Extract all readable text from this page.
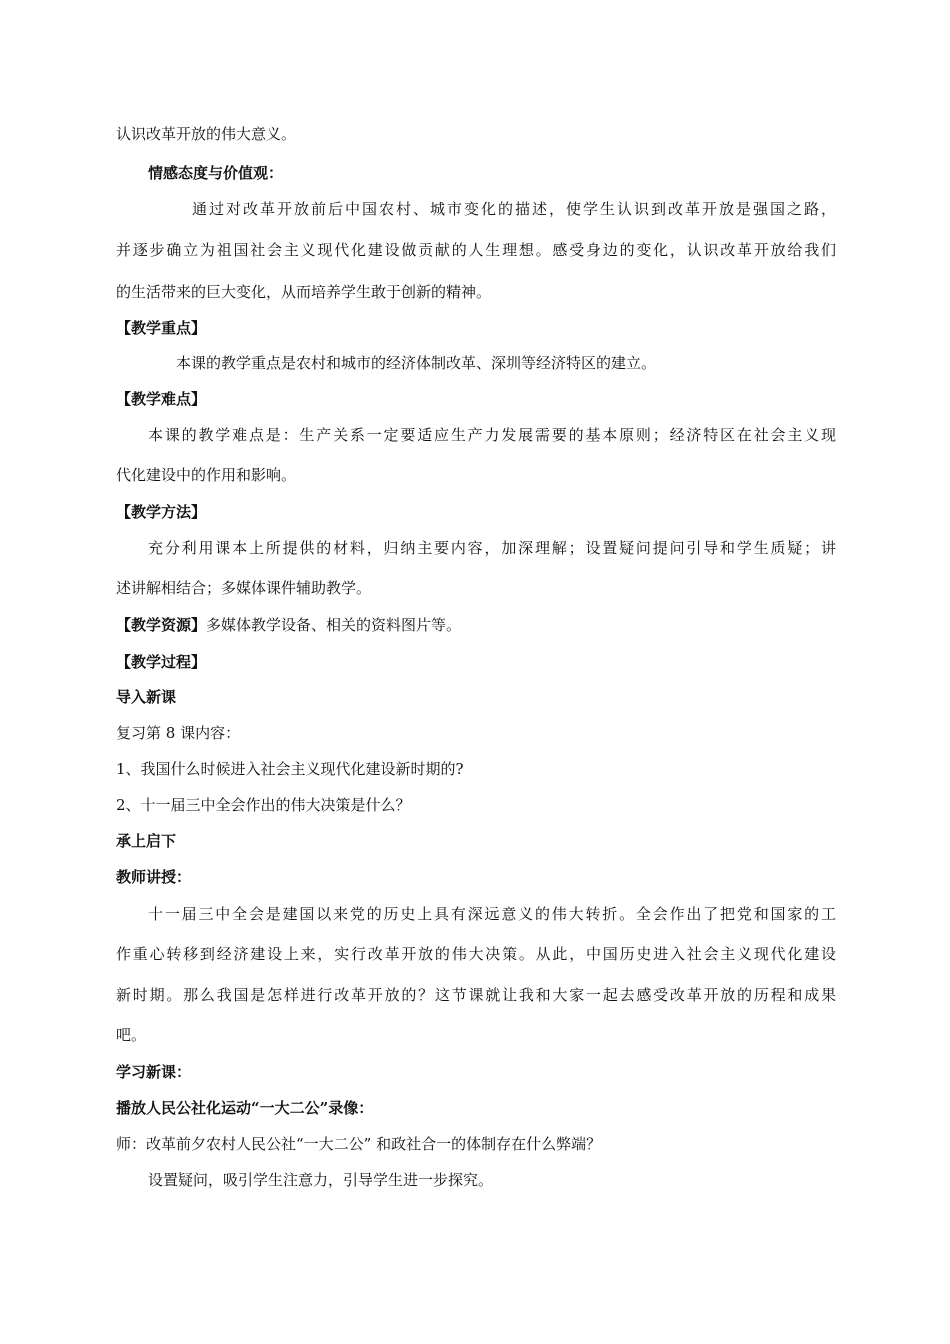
认识改革开放的伟大意义。

情感态度与价值观：

通过对改革开放前后中国农村、城市变化的描述，使学生认识到改革开放是强国之路，

并逐步确立为祖国社会主义现代化建设做贡献的人生理想。感受身边的变化，认识改革开放给我们

的生活带来的巨大变化，从而培养学生敢于创新的精神。

【教学重点】

本课的教学重点是农村和城市的经济体制改革、深圳等经济特区的建立。

【教学难点】

本课的教学难点是：生产关系一定要适应生产力发展需要的基本原则；经济特区在社会主义现

代化建设中的作用和影响。

【教学方法】

充分利用课本上所提供的材料，归纳主要内容，加深理解；设置疑问提问引导和学生质疑；讲

述讲解相结合；多媒体课件辅助教学。

【教学资源】多媒体教学设备、相关的资料图片等。

【教学过程】

导入新课

复习第 8 课内容：

1、我国什么时候进入社会主义现代化建设新时期的?

2、十一届三中全会作出的伟大决策是什么？

承上启下

教师讲授：

十一届三中全会是建国以来党的历史上具有深远意义的伟大转折。全会作出了把党和国家的工

作重心转移到经济建设上来，实行改革开放的伟大决策。从此，中国历史进入社会主义现代化建设

新时期。那么我国是怎样进行改革开放的？这节课就让我和大家一起去感受改革开放的历程和成果

吧。

学习新课：

播放人民公社化运动“一大二公”录像：

师：改革前夕农村人民公社“一大二公” 和政社合一的体制存在什么弊端？

设置疑问，吸引学生注意力，引导学生进一步探究。
